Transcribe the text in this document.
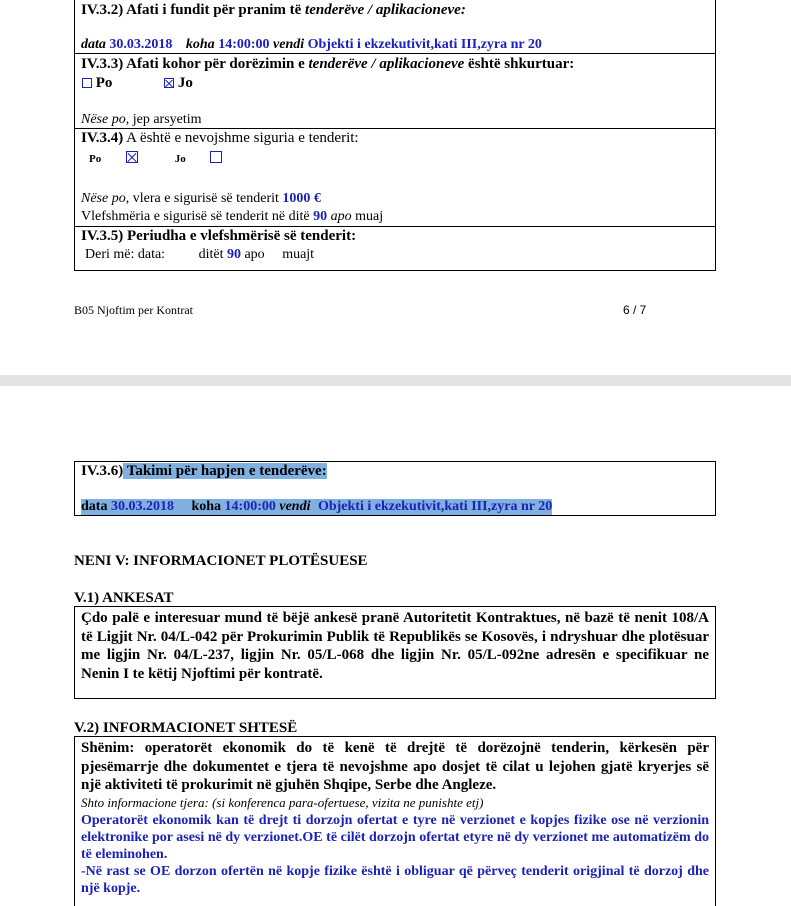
IV.3.2) Afati i fundit për pranim të tenderëve / aplikacioneve:
data 30.03.2018 koha 14:00:00 vendi Objekti i ekzekutivit,kati III,zyra nr 20
IV.3.3) Afati kohor për dorëzimin e tenderëve / aplikacioneve është shkurtuar:
Po	Jo
Nëse po, jep arsyetim
IV.3.4) A është e nevojshme siguria e tenderit:
Po	Jo
Nëse po, vlera e sigurisë së tenderit 1000 €
Vlefshmëria e sigurisë së tenderit në ditë 90 apo muaj
IV.3.5) Periudha e vlefshmërisë së tenderit:
Deri më: data: ditët 90 apo muajt
B05 Njoftim per Kontrat	6 / 7
IV.3.6) Takimi për hapjen e tenderëve:
data 30.03.2018 koha 14:00:00 vendi Objekti i ekzekutivit,kati III,zyra nr 20
NENI V: INFORMACIONET PLOTËSUESE
V.1) ANKESAT
Çdo palë e interesuar mund të bëjë ankesë pranë Autoritetit Kontraktues, në bazë të nenit 108/A të Ligjit Nr. 04/L-042 për Prokurimin Publik të Republikës se Kosovës, i ndryshuar dhe plotësuar me ligjin Nr. 04/L-237, ligjin Nr. 05/L-068 dhe ligjin Nr. 05/L-092ne adresën e specifikuar ne Nenin I te këtij Njoftimi për kontratë.
V.2) INFORMACIONET SHTESË
Shënim: operatorët ekonomik do të kenë të drejtë të dorëzojnë tenderin, kërkesën për pjesëmarrje dhe dokumentet e tjera të nevojshme apo dosjet të cilat u lejohen gjatë kryerjes së një aktiviteti të prokurimit në gjuhën Shqipe, Serbe dhe Angleze.
Shto informacione tjera: (si konferenca para-ofertuese, vizita ne punishte etj)
Operatorët ekonomik kan të drejt ti dorzojn ofertat e tyre në verzionet e kopjes fizike ose në verzionin elektronike por asesi në dy verzionet.OE të cilët dorzojn ofertat etyre në dy verzionet me automatizëm do të eleminohen.
-Në rast se OE dorzon ofertën në kopje fizike është i obliguar që përveç tenderit origjinal të dorzoj dhe një kopje.
